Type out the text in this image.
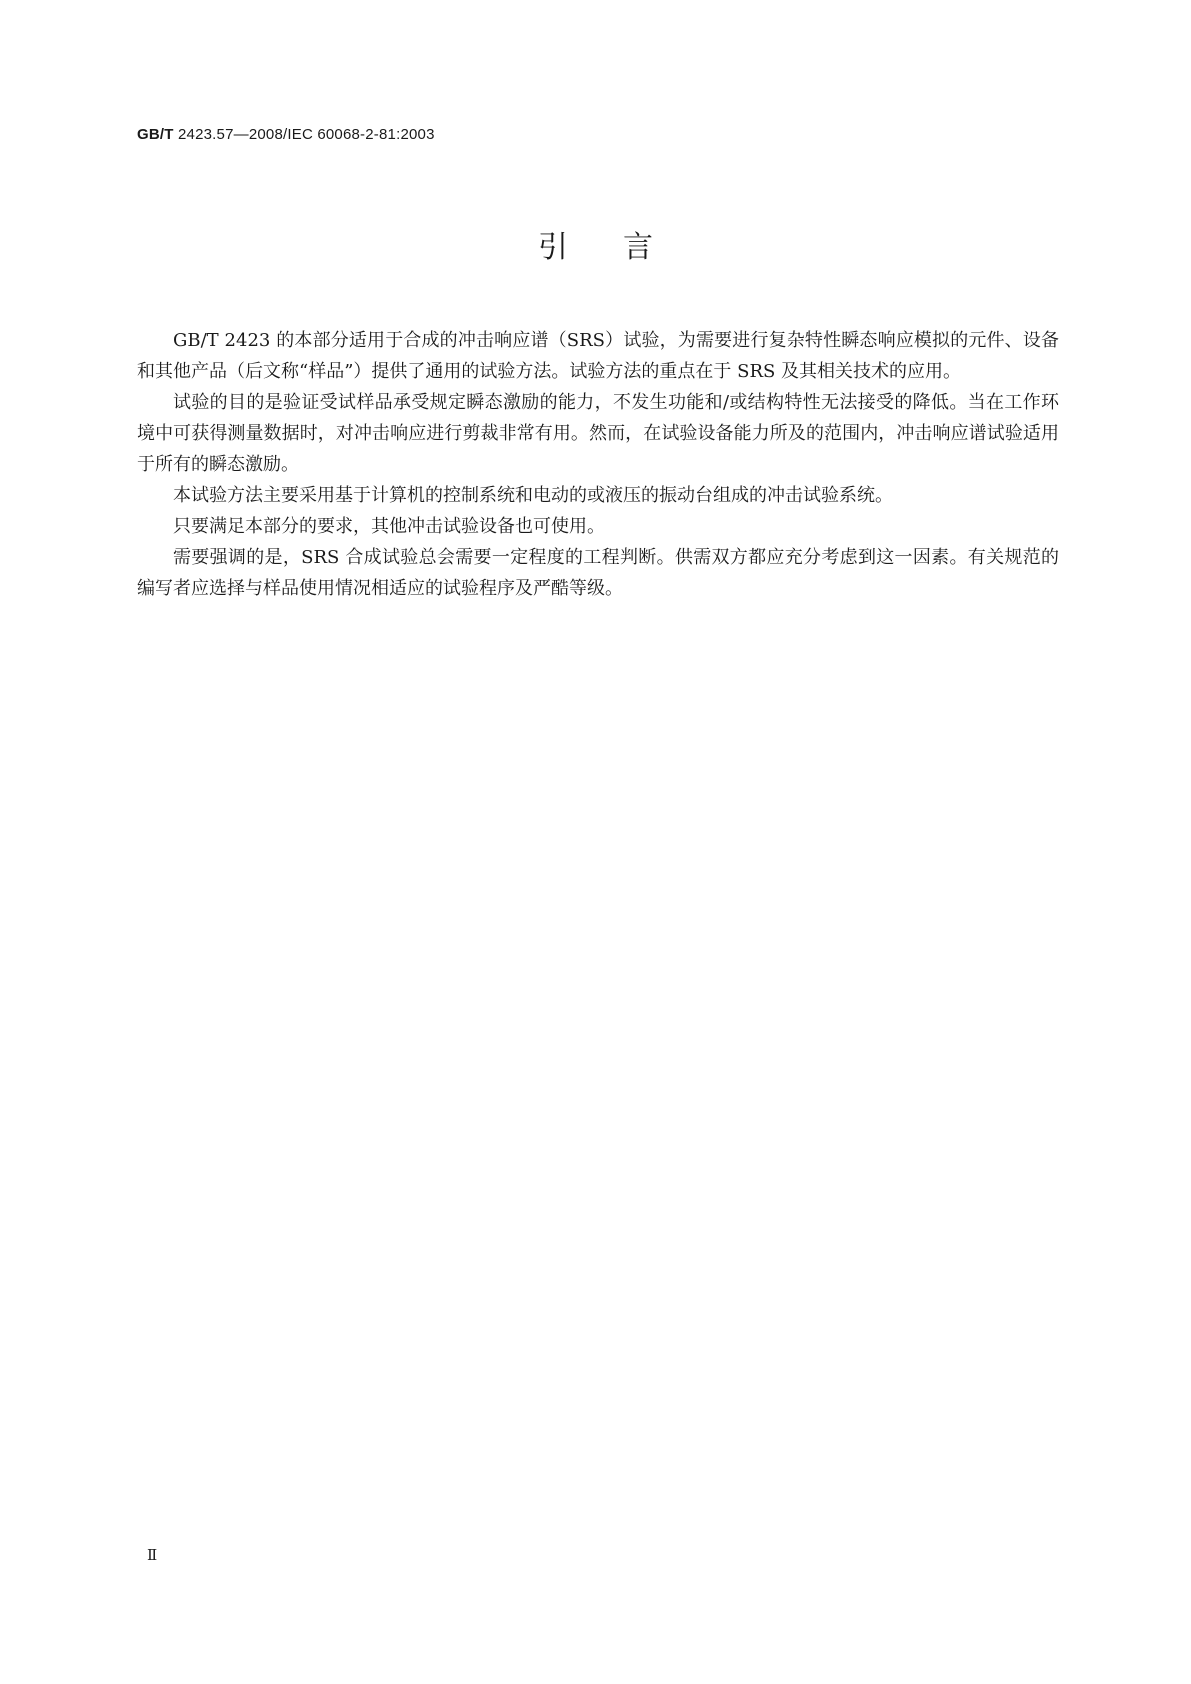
GB/T 2423.57—2008/IEC 60068-2-81:2003
引言

GB/T 2423 的本部分适用于合成的冲击响应谱（SRS）试验，为需要进行复杂特性瞬态响应模拟的元件、设备和其他产品（后文称“样品”）提供了通用的试验方法。试验方法的重点在于 SRS 及其相关技术的应用。

试验的目的是验证受试样品承受规定瞬态激励的能力，不发生功能和/或结构特性无法接受的降低。当在工作环境中可获得测量数据时，对冲击响应进行剪裁非常有用。然而，在试验设备能力所及的范围内，冲击响应谱试验适用于所有的瞬态激励。

本试验方法主要采用基于计算机的控制系统和电动的或液压的振动台组成的冲击试验系统。

只要满足本部分的要求，其他冲击试验设备也可使用。

需要强调的是，SRS 合成试验总会需要一定程度的工程判断。供需双方都应充分考虑到这一因素。有关规范的编写者应选择与样品使用情况相适应的试验程序及严酷等级。

Ⅱ
